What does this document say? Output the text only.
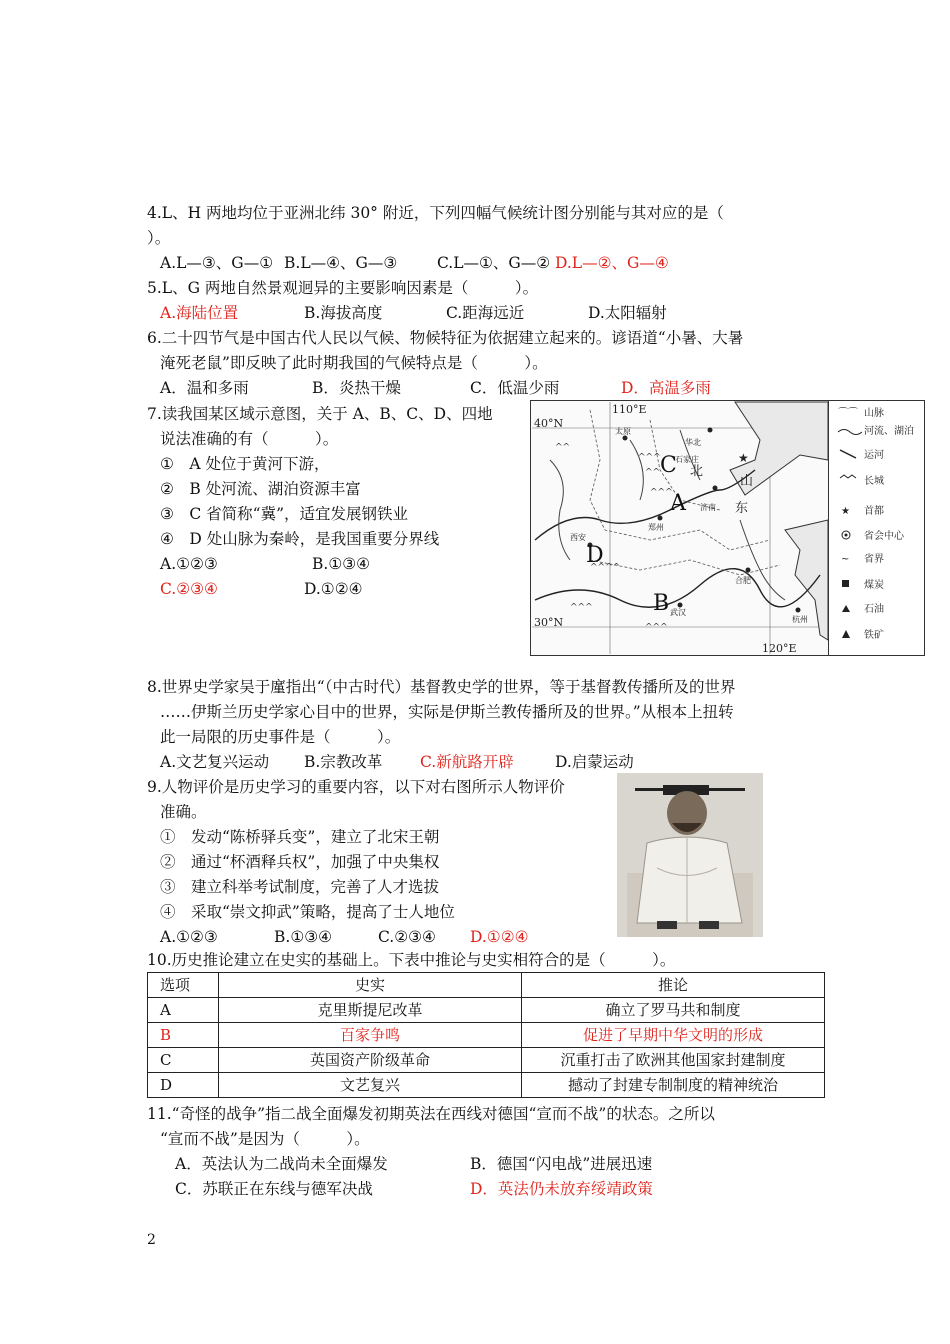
4.L、H 两地均位于亚洲北纬 30° 附近，下列四幅气候统计图分别能与其对应的是（
）。
A.L—③、G—① B.L—④、G—③	C.L—①、G—② D.L—②、G—④
5.L、G 两地自然景观迥异的主要影响因素是（　　　）。
A.海陆位置	B.海拔高度	C.距海远近	D.太阳辐射
6.二十四节气是中国古代人民以气候、物候特征为依据建立起来的。谚语道“小暑、大暑
淹死老鼠”即反映了此时期我国的气候特点是（　　　）。
A．温和多雨	B．炎热干燥	C．低温少雨	D．高温多雨
7.读我国某区域示意图，关于 A、B、C、D、四地
说法准确的有（　　　）。
①　A 处位于黄河下游，
②　B 处河流、湖泊资源丰富
③　C 省简称“冀”，适宜发展钢铁业
④　D 处山脉为秦岭，是我国重要分界线
A.①②③	B.①③④
C.②③④	D.①②④
^^^
^^
^^^
^^^^
^^^
^^^
^^
40°N
30°N
110°E
120°E
太原
华北
济南
郑州
合肥
武汉
杭州
西安
石家庄
北
山
东
★
A
B
C
D
⌒⌒ 山脉
河流、湖泊
运河
长城
★ 首都
省会中心
~ 省界
煤炭
石油
铁矿
8.世界史学家吴于廑指出“（中古时代）基督教史学的世界，等于基督教传播所及的世界
……伊斯兰历史学家心目中的世界，实际是伊斯兰教传播所及的世界。”从根本上扭转
此一局限的历史事件是（　　　）。
A.文艺复兴运动 B.宗教改革 C.新航路开辟	D.启蒙运动
9.人物评价是历史学习的重要内容，以下对右图所示人物评价
准确。
①　发动“陈桥驿兵变”，建立了北宋王朝
②　通过“杯酒释兵权”，加强了中央集权
③　建立科举考试制度，完善了人才选拔
④　采取“崇文抑武”策略，提高了士人地位
A.①②③	B.①③④	C.②③④ D.①②④
10.历史推论建立在史实的基础上。下表中推论与史实相符合的是（　　　）。
选项	史实	推论
A	克里斯提尼改革	确立了罗马共和制度
B	百家争鸣	促进了早期中华文明的形成
C	英国资产阶级革命	沉重打击了欧洲其他国家封建制度
D	文艺复兴	撼动了封建专制制度的精神统治
11.“奇怪的战争”指二战全面爆发初期英法在西线对德国“宣而不战”的状态。之所以
“宣而不战”是因为（　　　）。
A．英法认为二战尚未全面爆发	B．德国“闪电战”进展迅速
C．苏联正在东线与德军决战	D．英法仍未放弃绥靖政策
2
